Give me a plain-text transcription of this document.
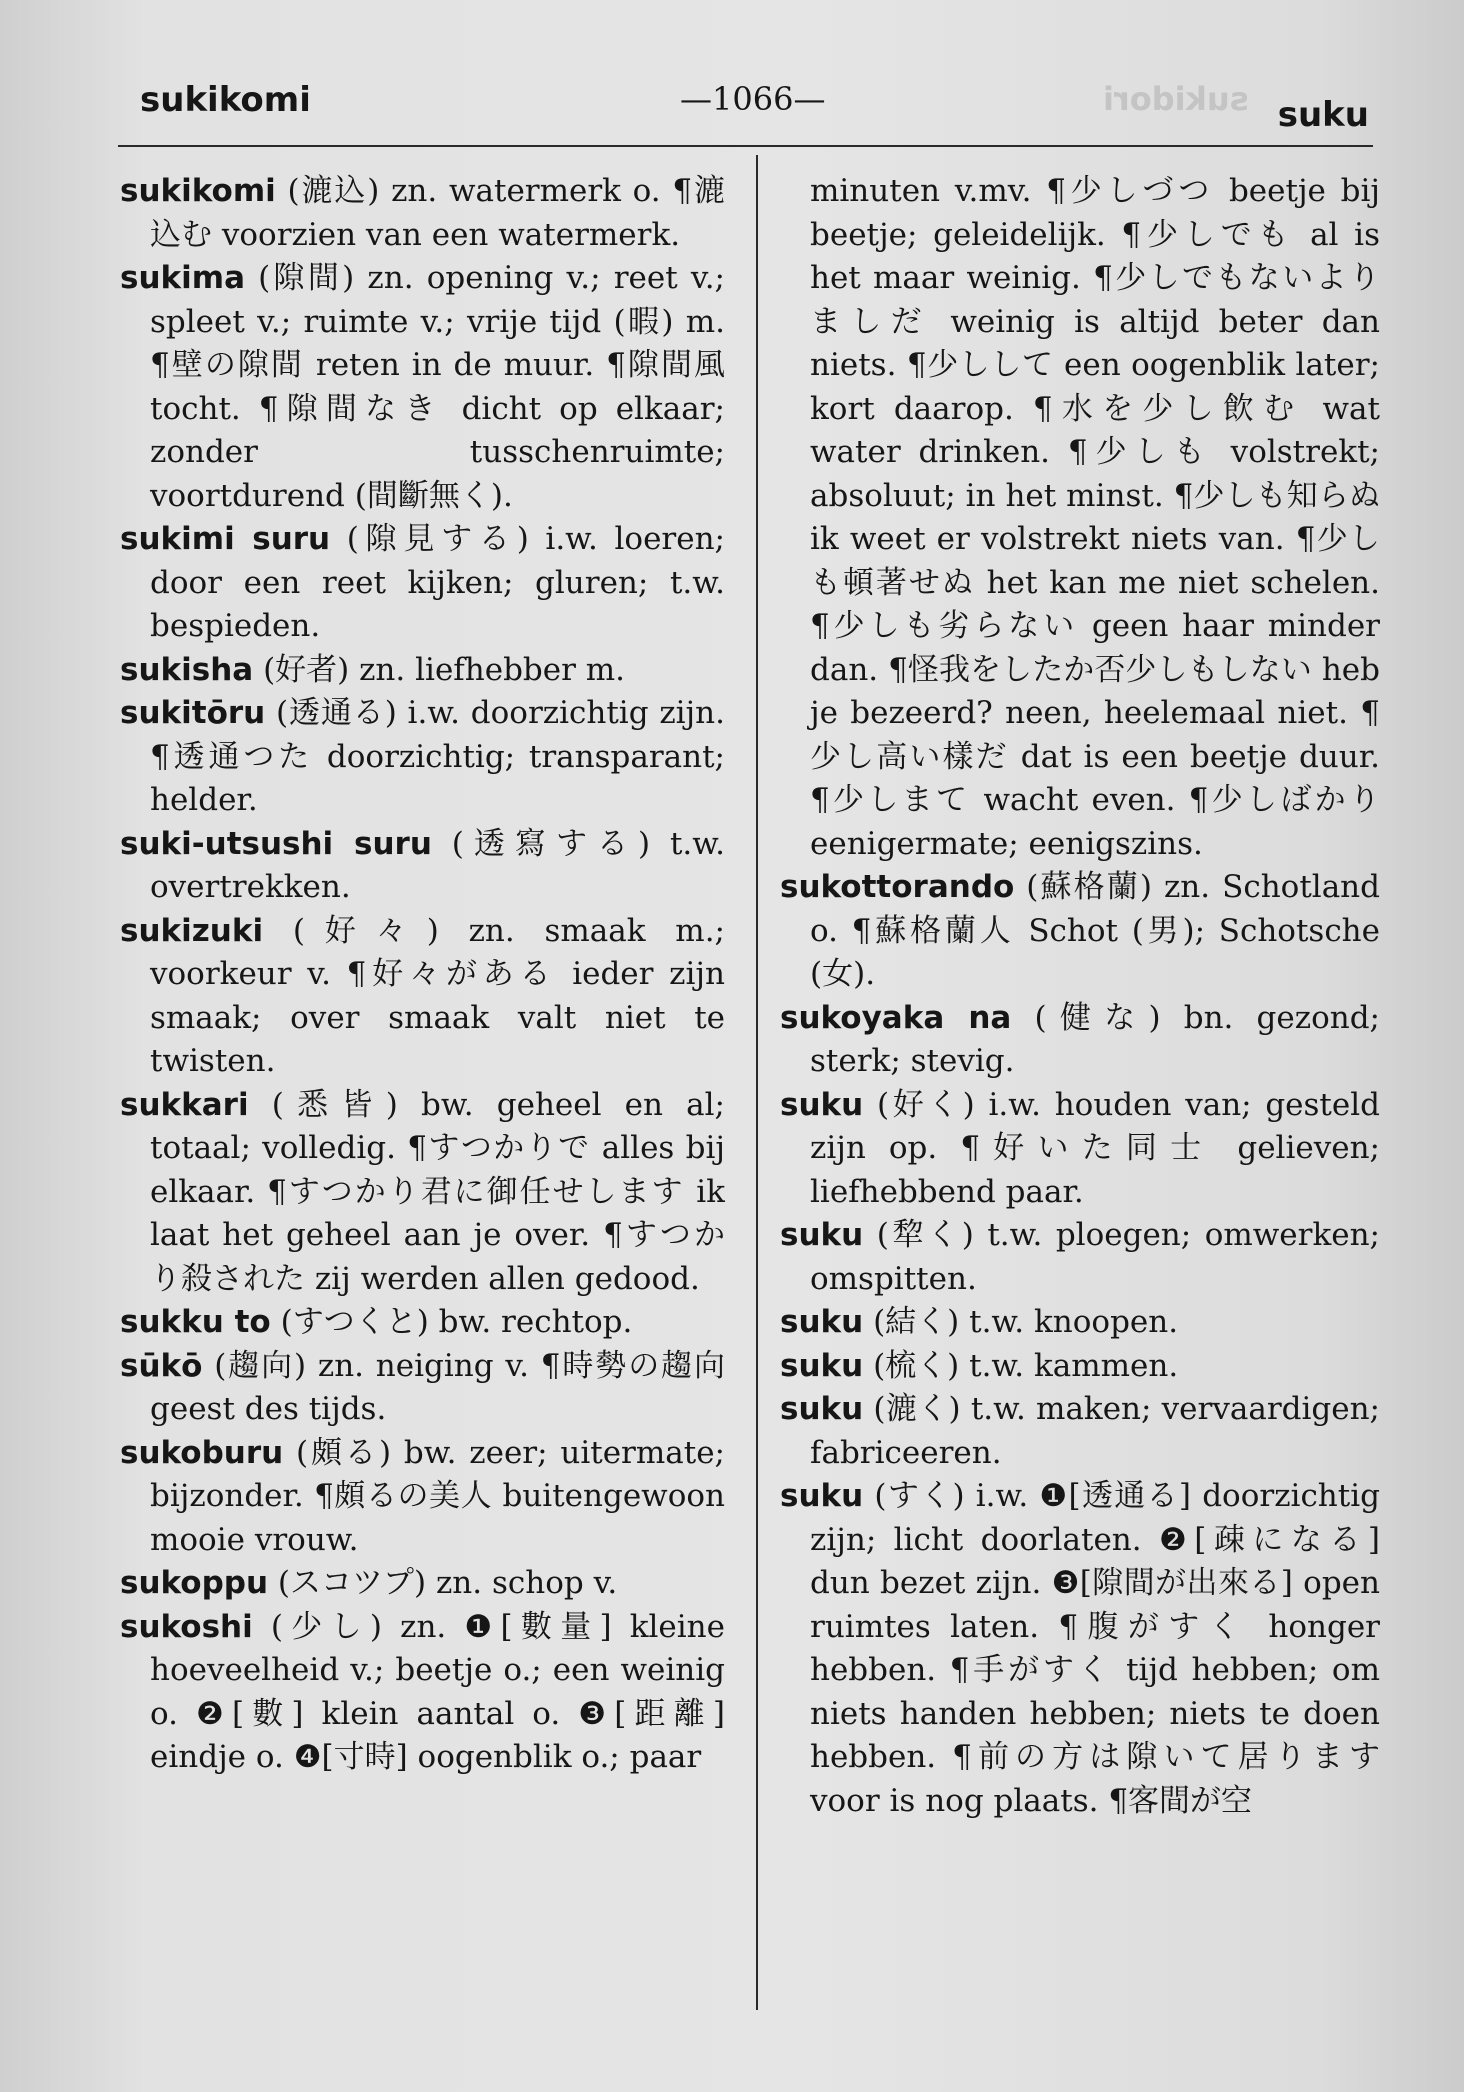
sukidori
sukikomi	—1066—	suku

sukikomi (漉込) zn. watermerk o. ¶漉込む voorzien van een watermerk.

sukima (隙間) zn. opening v.; reet v.; spleet v.; ruimte v.; vrije tijd (暇) m. ¶壁の隙間 reten in de muur. ¶隙間風 tocht. ¶隙間なき dicht op elkaar; zonder tusschenruimte; voortdurend (間斷無く).

sukimi suru (隙見する) i.w. loeren; door een reet kijken; gluren; t.w. bespieden.

sukisha (好者) zn. liefhebber m.

sukitōru (透通る) i.w. doorzichtig zijn. ¶透通つた doorzichtig; transparant; helder.

suki-utsushi suru (透寫する) t.w. overtrekken.

sukizuki (好々) zn. smaak m.; voorkeur v. ¶好々がある ieder zijn smaak; over smaak valt niet te twisten.

sukkari (悉皆) bw. geheel en al; totaal; volledig. ¶すつかりで alles bij elkaar. ¶すつかり君に御任せします ik laat het geheel aan je over. ¶すつかり殺された zij werden allen gedood.

sukku to (すつくと) bw. rechtop.

sūkō (趨向) zn. neiging v. ¶時勢の趨向 geest des tijds.

sukoburu (頗る) bw. zeer; uitermate; bijzonder. ¶頗るの美人 buitengewoon mooie vrouw.

sukoppu (スコツプ) zn. schop v.

sukoshi (少し) zn. ❶[數量] kleine hoeveelheid v.; beetje o.; een weinig o. ❷[數] klein aantal o. ❸[距離] eindje o. ❹[寸時] oogenblik o.; paar

minuten v.mv. ¶少しづつ beetje bij beetje; geleidelijk. ¶少しでも al is het maar weinig. ¶少しでもないよりましだ weinig is altijd beter dan niets. ¶少しして een oogenblik later; kort daarop. ¶水を少し飲む wat water drinken. ¶少しも volstrekt; absoluut; in het minst. ¶少しも知らぬ ik weet er volstrekt niets van. ¶少しも頓著せぬ het kan me niet schelen. ¶少しも劣らない geen haar minder dan. ¶怪我をしたか否少しもしない heb je bezeerd? neen, heelemaal niet. ¶少し高い樣だ dat is een beetje duur. ¶少しまて wacht even. ¶少しばかり eenigermate; eenigszins.

sukottorando (蘇格蘭) zn. Schotland o. ¶蘇格蘭人 Schot (男); Schotsche (女).

sukoyaka na (健な) bn. gezond; sterk; stevig.

suku (好く) i.w. houden van; gesteld zijn op. ¶好いた同士 gelieven; liefhebbend paar.

suku (犂く) t.w. ploegen; omwerken; omspitten.

suku (結く) t.w. knoopen.

suku (梳く) t.w. kammen.

suku (漉く) t.w. maken; vervaardigen; fabriceeren.

suku (すく) i.w. ❶[透通る] doorzichtig zijn; licht doorlaten. ❷[疎になる] dun bezet zijn. ❸[隙間が出來る] open ruimtes laten. ¶腹がすく honger hebben. ¶手がすく tijd hebben; om niets handen hebben; niets te doen hebben. ¶前の方は隙いて居ります voor is nog plaats. ¶客間が空
